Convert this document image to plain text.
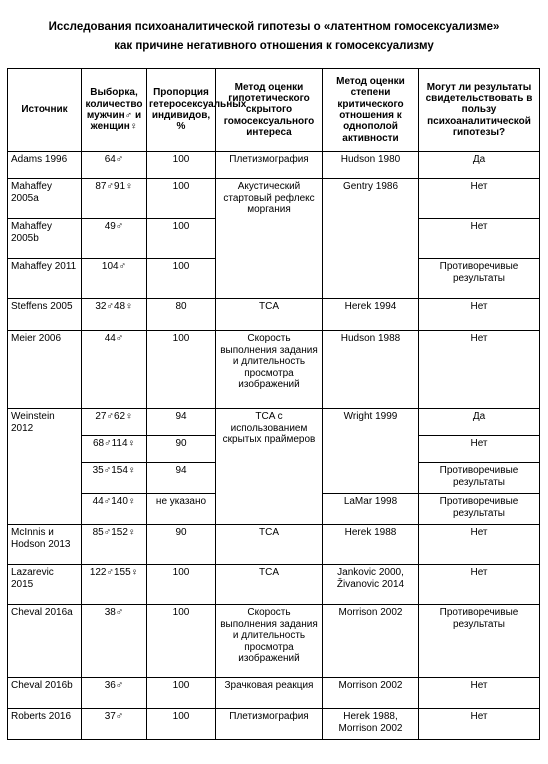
Исследования психоаналитической гипотезы о «латентном гомосексуализме»
как причине негативного отношения к гомосексуализму
Источник	Выборка, количество мужчин♂ и женщин♀	Пропорция гетеросексуальных индивидов, %	Метод оценки гипотетического скрытого гомосексуального интереса	Метод оценки степени критического отношения к однополой активности	Могут ли результаты свидетельствовать в пользу психоаналитической гипотезы?
Adams 1996	64♂	100	Плетизмография	Hudson 1980	Да
Mahaffey 2005a	87♂91♀	100	Акустический стартовый рефлекс моргания	Gentry 1986	Нет
Mahaffey 2005b	49♂	100			Нет
Mahaffey 2011	104♂	100			Противоречивые результаты
Steffens 2005	32♂48♀	80	TCA	Herek 1994	Нет
Meier 2006	44♂	100	Скорость выполнения задания и длительность просмотра изображений	Hudson 1988	Нет
Weinstein 2012	27♂62♀	94	TCA с использованием скрытых праймеров	Wright 1999	Да
	68♂114♀	90			Нет
	35♂154♀	94			Противоречивые результаты
	44♂140♀	не указано		LaMar 1998	Противоречивые результаты
McInnis и Hodson 2013	85♂152♀	90	TCA	Herek 1988	Нет
Lazarevic 2015	122♂155♀	100	TCA	Jankovic 2000, Živanovic 2014	Нет
Cheval 2016a	38♂	100	Скорость выполнения задания и длительность просмотра изображений	Morrison 2002	Противоречивые результаты
Cheval 2016b	36♂	100	Зрачковая реакция	Morrison 2002	Нет
Roberts 2016	37♂	100	Плетизмография	Herek 1988, Morrison 2002	Нет
